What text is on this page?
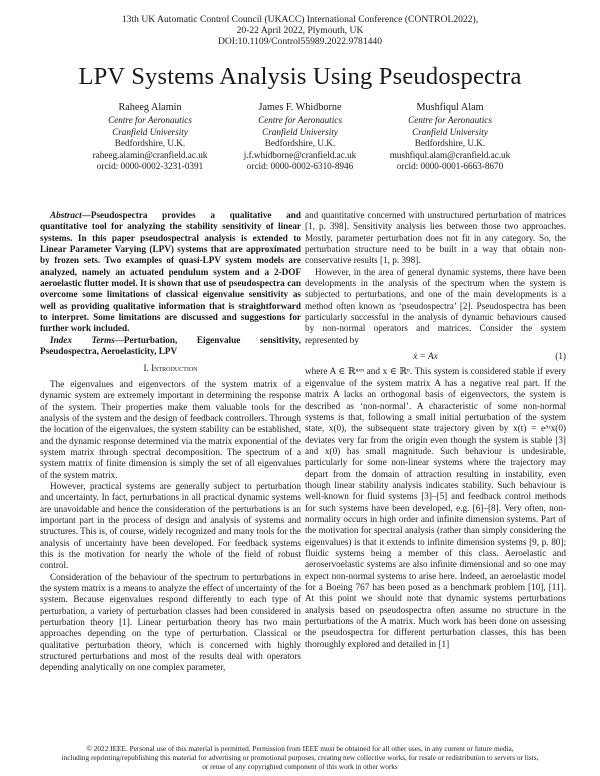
13th UK Automatic Control Council (UKACC) International Conference (CONTROL2022),
20-22 April 2022, Plymouth, UK
DOI:10.1109/Control55989.2022.9781440
LPV Systems Analysis Using Pseudospectra
Raheeg Alamin
Centre for Aeronautics
Cranfield University
Bedfordshire, U.K.
raheeg.alamin@cranfield.ac.uk
orcid: 0000-0002-3231-0391
James F. Whidborne
Centre for Aeronautics
Cranfield University
Bedfordshire, U.K.
j.f.whidborne@cranfield.ac.uk
orcid: 0000-0002-6310-8946
Mushfiqul Alam
Centre for Aeronautics
Cranfield University
Bedfordshire, U.K.
mushfiqul.alam@cranfield.ac.uk
orcid: 0000-0001-6663-8670

Abstract—Pseudospectra provides a qualitative and quantitative tool for analyzing the stability sensitivity of linear systems. In this paper pseudospectral analysis is extended to Linear Parameter Varying (LPV) systems that are approximated by frozen sets. Two examples of quasi-LPV system models are analyzed, namely an actuated pendulum system and a 2-DOF aeroelastic flutter model. It is shown that use of pseudospectra can overcome some limitations of classical eigenvalue sensitivity as well as providing qualitative information that is straightforward to interpret. Some limitations are discussed and suggestions for further work included.

Index Terms—Perturbation, Eigenvalue sensitivity, Pseudospectra, Aeroelasticity, LPV

I. Introduction

The eigenvalues and eigenvectors of the system matrix of a dynamic system are extremely important in determining the response of the system. Their properties make them valuable tools for the analysis of the system and the design of feedback controllers. Through the location of the eigenvalues, the system stability can be established, and the dynamic response determined via the matrix exponential of the system matrix through spectral decomposition. The spectrum of a system matrix of finite dimension is simply the set of all eigenvalues of the system matrix.

However, practical systems are generally subject to perturbation and uncertainty. In fact, perturbations in all practical dynamic systems are unavoidable and hence the consideration of the perturbations is an important part in the process of design and analysis of systems and structures. This is, of course, widely recognized and many tools for the analysis of uncertainty have been developed. For feedback systems this is the motivation for nearly the whole of the field of robust control.

Consideration of the behaviour of the spectrum to perturbations in the system matrix is a means to analyze the effect of uncertainty of the system. Because eigenvalues respond differently to each type of perturbation, a variety of perturbation classes had been considered in perturbation theory [1]. Linear perturbation theory has two main approaches depending on the type of perturbation. Classical or qualitative perturbation theory, which is concerned with highly structured perturbations and most of the results deal with operators depending analytically on one complex parameter,

and quantitative concerned with unstructured perturbation of matrices [1, p. 398]. Sensitivity analysis lies between those two approaches. Mostly, parameter perturbation does not fit in any category. So, the perturbation structure need to be built in a way that obtain non-conservative results [1, p. 398].

However, in the area of general dynamic systems, there have been developments in the analysis of the spectrum when the system is subjected to perturbations, and one of the main developments is a method often known as ‘pseudospectra’ [2]. Pseudospectra has been particularly successful in the analysis of dynamic behaviours caused by non-normal operators and matrices. Consider the system represented by

ẋ = Ax	(1)

where A ∈ ℝⁿˣⁿ and x ∈ ℝⁿ. This system is considered stable if every eigenvalue of the system matrix A has a negative real part. If the matrix A lacks an orthogonal basis of eigenvectors, the system is described as ‘non-normal’. A characteristic of some non-normal systems is that, following a small initial perturbation of the system state, x(0), the subsequent state trajectory given by x(t) = eᴬᵗx(0) deviates very far from the origin even though the system is stable [3] and x(0) has small magnitude. Such behaviour is undesirable, particularly for some non-linear systems where the trajectory may depart from the domain of attraction resulting in instability, even though linear stability analysis indicates stability. Such behaviour is well-known for fluid systems [3]–[5] and feedback control methods for such systems have been developed, e.g. [6]–[8]. Very often, non-normality occurs in high order and infinite dimension systems. Part of the motivation for spectral analysis (rather than simply considering the eigenvalues) is that it extends to infinite dimension systems [9, p. 80]; fluidic systems being a member of this class. Aeroelastic and aeroservoelastic systems are also infinite dimensional and so one may expect non-normal systems to arise here. Indeed, an aeroelastic model for a Boeing 767 has been posed as a benchmark problem [10], [11]. At this point we should note that dynamic systems perturbations analysis based on pseudospectra often assume no structure in the perturbations of the A matrix. Much work has been done on assessing the pseudospectra for different perturbation classes, this has been thoroughly explored and detailed in [1]

© 2022 IEEE. Personal use of this material is permitted. Permission from IEEE must be obtained for all other uses, in any current or future media,
including reprinting/republishing this material for advertising or promotional purposes, creating new collective works, for resale or redistribution to servers or lists,
or reuse of any copyrighted component of this work in other works
